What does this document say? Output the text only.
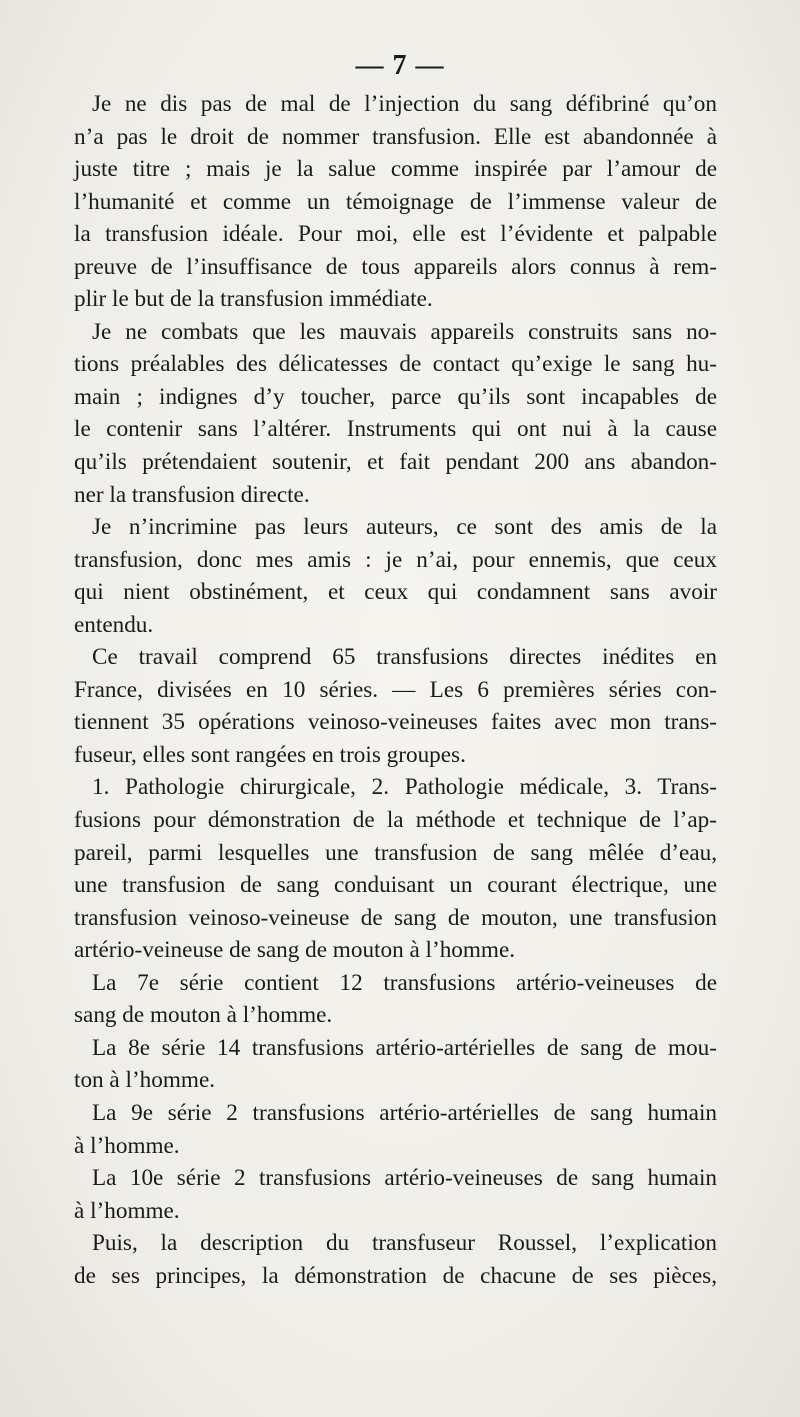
— 7 —

Je ne dis pas de mal de l’injection du sang défibriné qu’on
n’a pas le droit de nommer transfusion. Elle est abandonnée à
juste titre ; mais je la salue comme inspirée par l’amour de
l’humanité et comme un témoignage de l’immense valeur de
la transfusion idéale. Pour moi, elle est l’évidente et palpable
preuve de l’insuffisance de tous appareils alors connus à rem-
plir le but de la transfusion immédiate.

Je ne combats que les mauvais appareils construits sans no-
tions préalables des délicatesses de contact qu’exige le sang hu-
main ; indignes d’y toucher, parce qu’ils sont incapables de
le contenir sans l’altérer. Instruments qui ont nui à la cause
qu’ils prétendaient soutenir, et fait pendant 200 ans abandon-
ner la transfusion directe.

Je n’incrimine pas leurs auteurs, ce sont des amis de la
transfusion, donc mes amis : je n’ai, pour ennemis, que ceux
qui nient obstinément, et ceux qui condamnent sans avoir
entendu.

Ce travail comprend 65 transfusions directes inédites en
France, divisées en 10 séries. — Les 6 premières séries con-
tiennent 35 opérations veinoso-veineuses faites avec mon trans-
fuseur, elles sont rangées en trois groupes.

1. Pathologie chirurgicale, 2. Pathologie médicale, 3. Trans-
fusions pour démonstration de la méthode et technique de l’ap-
pareil, parmi lesquelles une transfusion de sang mêlée d’eau,
une transfusion de sang conduisant un courant électrique, une
transfusion veinoso-veineuse de sang de mouton, une transfusion
artério-veineuse de sang de mouton à l’homme.

La 7e série contient 12 transfusions artério-veineuses de
sang de mouton à l’homme.

La 8e série 14 transfusions artério-artérielles de sang de mou-
ton à l’homme.

La 9e série 2 transfusions artério-artérielles de sang humain
à l’homme.

La 10e série 2 transfusions artério-veineuses de sang humain
à l’homme.

Puis, la description du transfuseur Roussel, l’explication
de ses principes, la démonstration de chacune de ses pièces,
